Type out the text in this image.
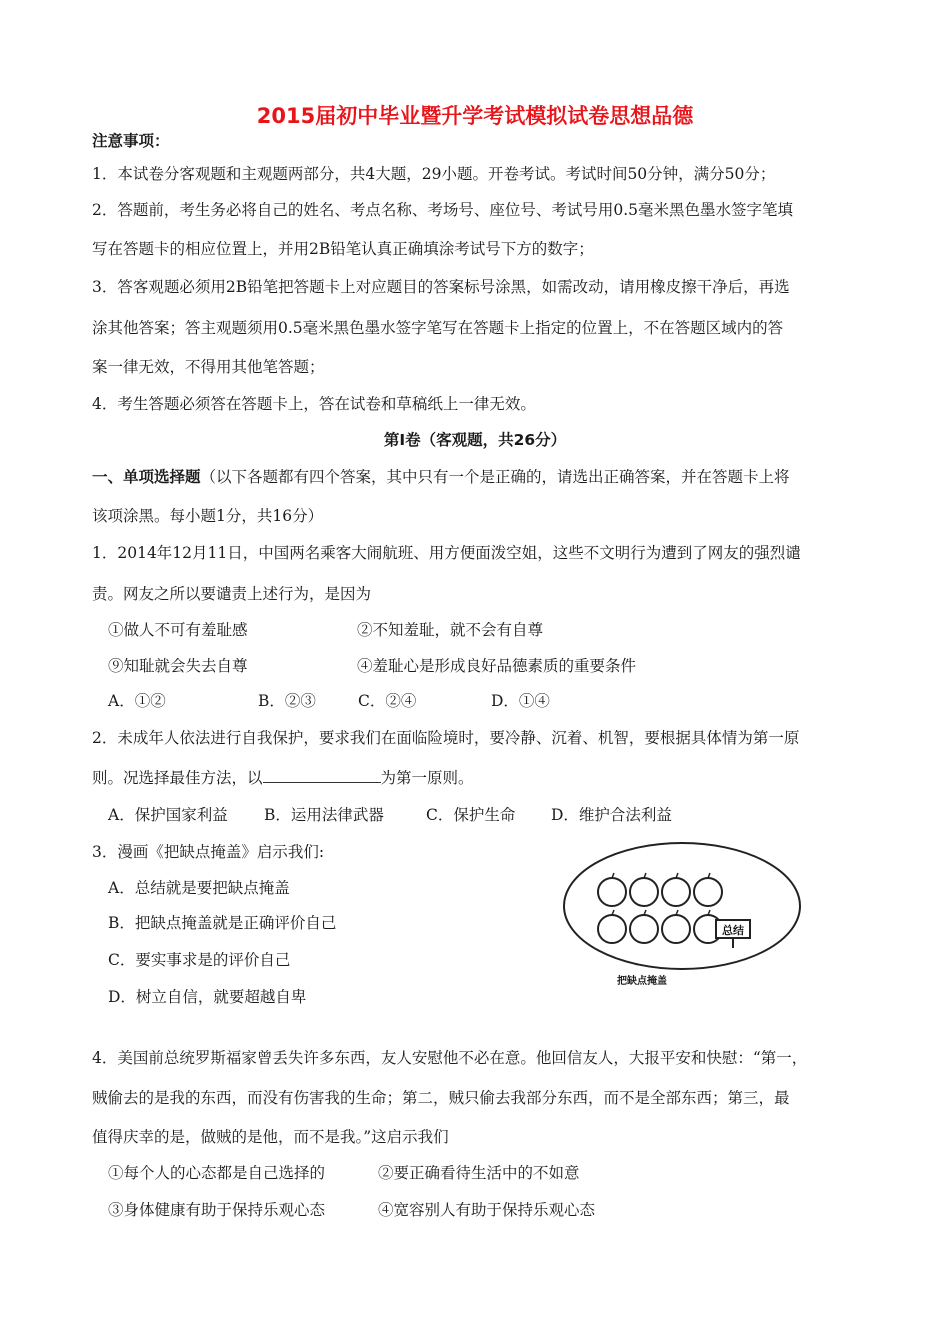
2015届初中毕业暨升学考试模拟试卷思想品德
注意事项：
1．本试卷分客观题和主观题两部分，共4大题，29小题。开卷考试。考试时间50分钟，满分50分；
2．答题前，考生务必将自己的姓名、考点名称、考场号、座位号、考试号用0.5毫米黑色墨水签字笔填
写在答题卡的相应位置上，并用2B铅笔认真正确填涂考试号下方的数字；
3．答客观题必须用2B铅笔把答题卡上对应题目的答案标号涂黑，如需改动，请用橡皮擦干净后，再选
涂其他答案；答主观题须用0.5毫米黑色墨水签字笔写在答题卡上指定的位置上，不在答题区域内的答
案一律无效，不得用其他笔答题；
4．考生答题必须答在答题卡上，答在试卷和草稿纸上一律无效。
第Ⅰ卷（客观题，共26分）
一、单项选择题（以下各题都有四个答案，其中只有一个是正确的，请选出正确答案，并在答题卡上将
该项涂黑。每小题1分，共16分）
1．2014年12月11日，中国两名乘客大闹航班、用方便面泼空姐，这些不文明行为遭到了网友的强烈谴
责。网友之所以要谴责上述行为，是因为
①做人不可有羞耻感	②不知羞耻，就不会有自尊
⑨知耻就会失去自尊	④羞耻心是形成良好品德素质的重要条件
A．①②	B．②③	C．②④	D．①④
2．未成年人依法进行自我保护，要求我们在面临险境时，要冷静、沉着、机智，要根据具体情为第一原
则。况选择最佳方法，以	为第一原则。
A．保护国家利益 B．运用法律武器	C．保护生命 D．维护合法利益
3．漫画《把缺点掩盖》启示我们:
A．总结就是要把缺点掩盖
B．把缺点掩盖就是正确评价自己
C．要实事求是的评价自己
D．树立自信，就要超越自卑
总结
把缺点掩盖
4．美国前总统罗斯福家曾丢失许多东西，友人安慰他不必在意。他回信友人，大报平安和快慰：“第一，
贼偷去的是我的东西，而没有伤害我的生命；第二，贼只偷去我部分东西，而不是全部东西；第三，最
值得庆幸的是，做贼的是他，而不是我。”这启示我们
①每个人的心态都是自己选择的	②要正确看待生活中的不如意
③身体健康有助于保持乐观心态	④宽容别人有助于保持乐观心态
